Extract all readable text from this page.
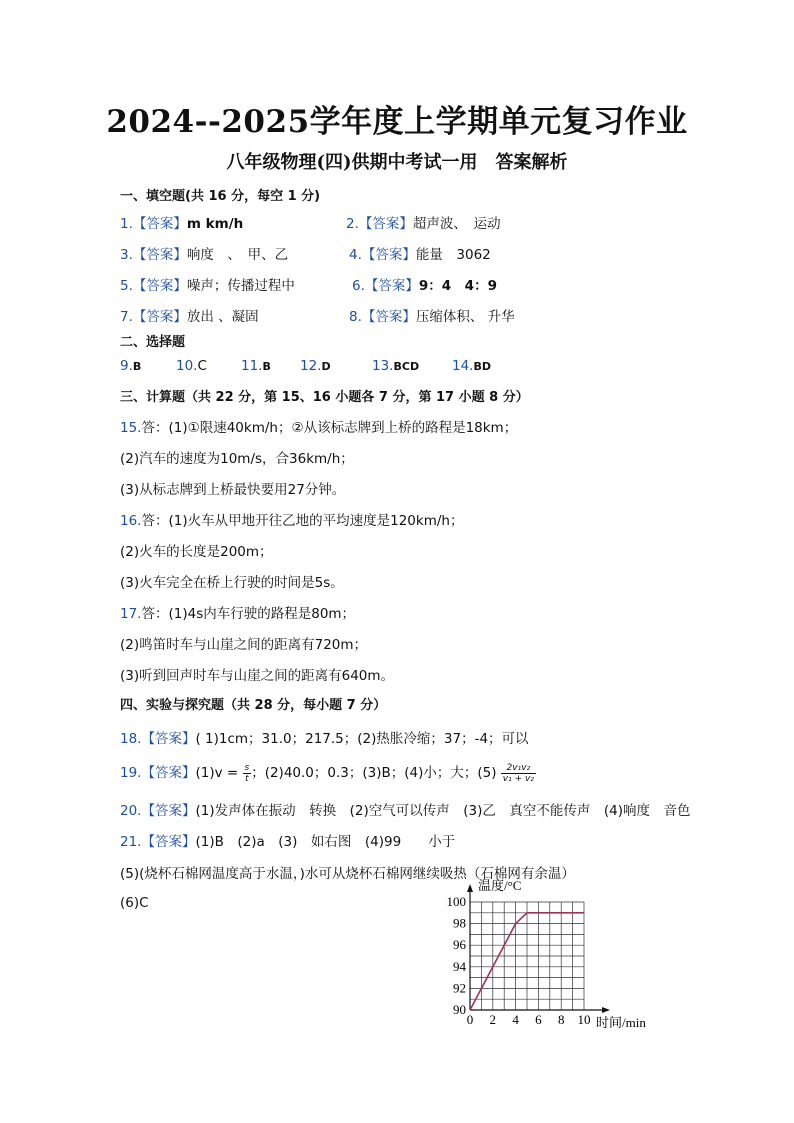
2024--2025学年度上学期单元复习作业
八年级物理(四)供期中考试一用　答案解析
一、填空题(共 16 分，每空 1 分)
1.【答案】m km/h	2.【答案】超声波、　运动
3.【答案】响度　、　甲、乙	4.【答案】能量　3062
5.【答案】噪声；传播过程中	6.【答案】9：4　4：9
7.【答案】放出 、凝固	8.【答案】压缩体积、 升华
二、选择题
9.B	10.C	11.B 12.D	13.BCD 14.BD
三、计算题（共 22 分，第 15、16 小题各 7 分，第 17 小题 8 分）
15.答：(1)①限速40km/h；②从该标志牌到上桥的路程是18km；
(2)汽车的速度为10m/s，合36km/h；
(3)从标志牌到上桥最快要用27分钟。
16.答：(1)火车从甲地开往乙地的平均速度是120km/h；
(2)火车的长度是200m；
(3)火车完全在桥上行驶的时间是5s。
17.答：(1)4s内车行驶的路程是80m；
(2)鸣笛时车与山崖之间的距离有720m；
(3)听到回声时车与山崖之间的距离有640m。
四、实验与探究题（共 28 分，每小题 7 分）
18.【答案】( 1)1cm；31.0；217.5；(2)热胀冷缩；37；-4；可以
19.【答案】$(1)v = \frac{s}{t}$ ；(2)40.0；0.3；(3)B；(4)小；大；$(5) \frac{\text{2v₁v₂}}{\text{v₁ + v₂}}$
20.【答案】(1)发声体在振动　转换　(2)空气可以传声　(3)乙　真空不能传声　(4)响度　音色
21.【答案】(1)B　(2)a　(3)　如右图　(4)99　　小于
(5)(烧杯石棉网温度高于水温，)水可从烧杯石棉网继续吸热（石棉网有余温）
(6)C
0 2 4 6 8 10
90
92
94
96
98
100
温度/°C
时间/min
